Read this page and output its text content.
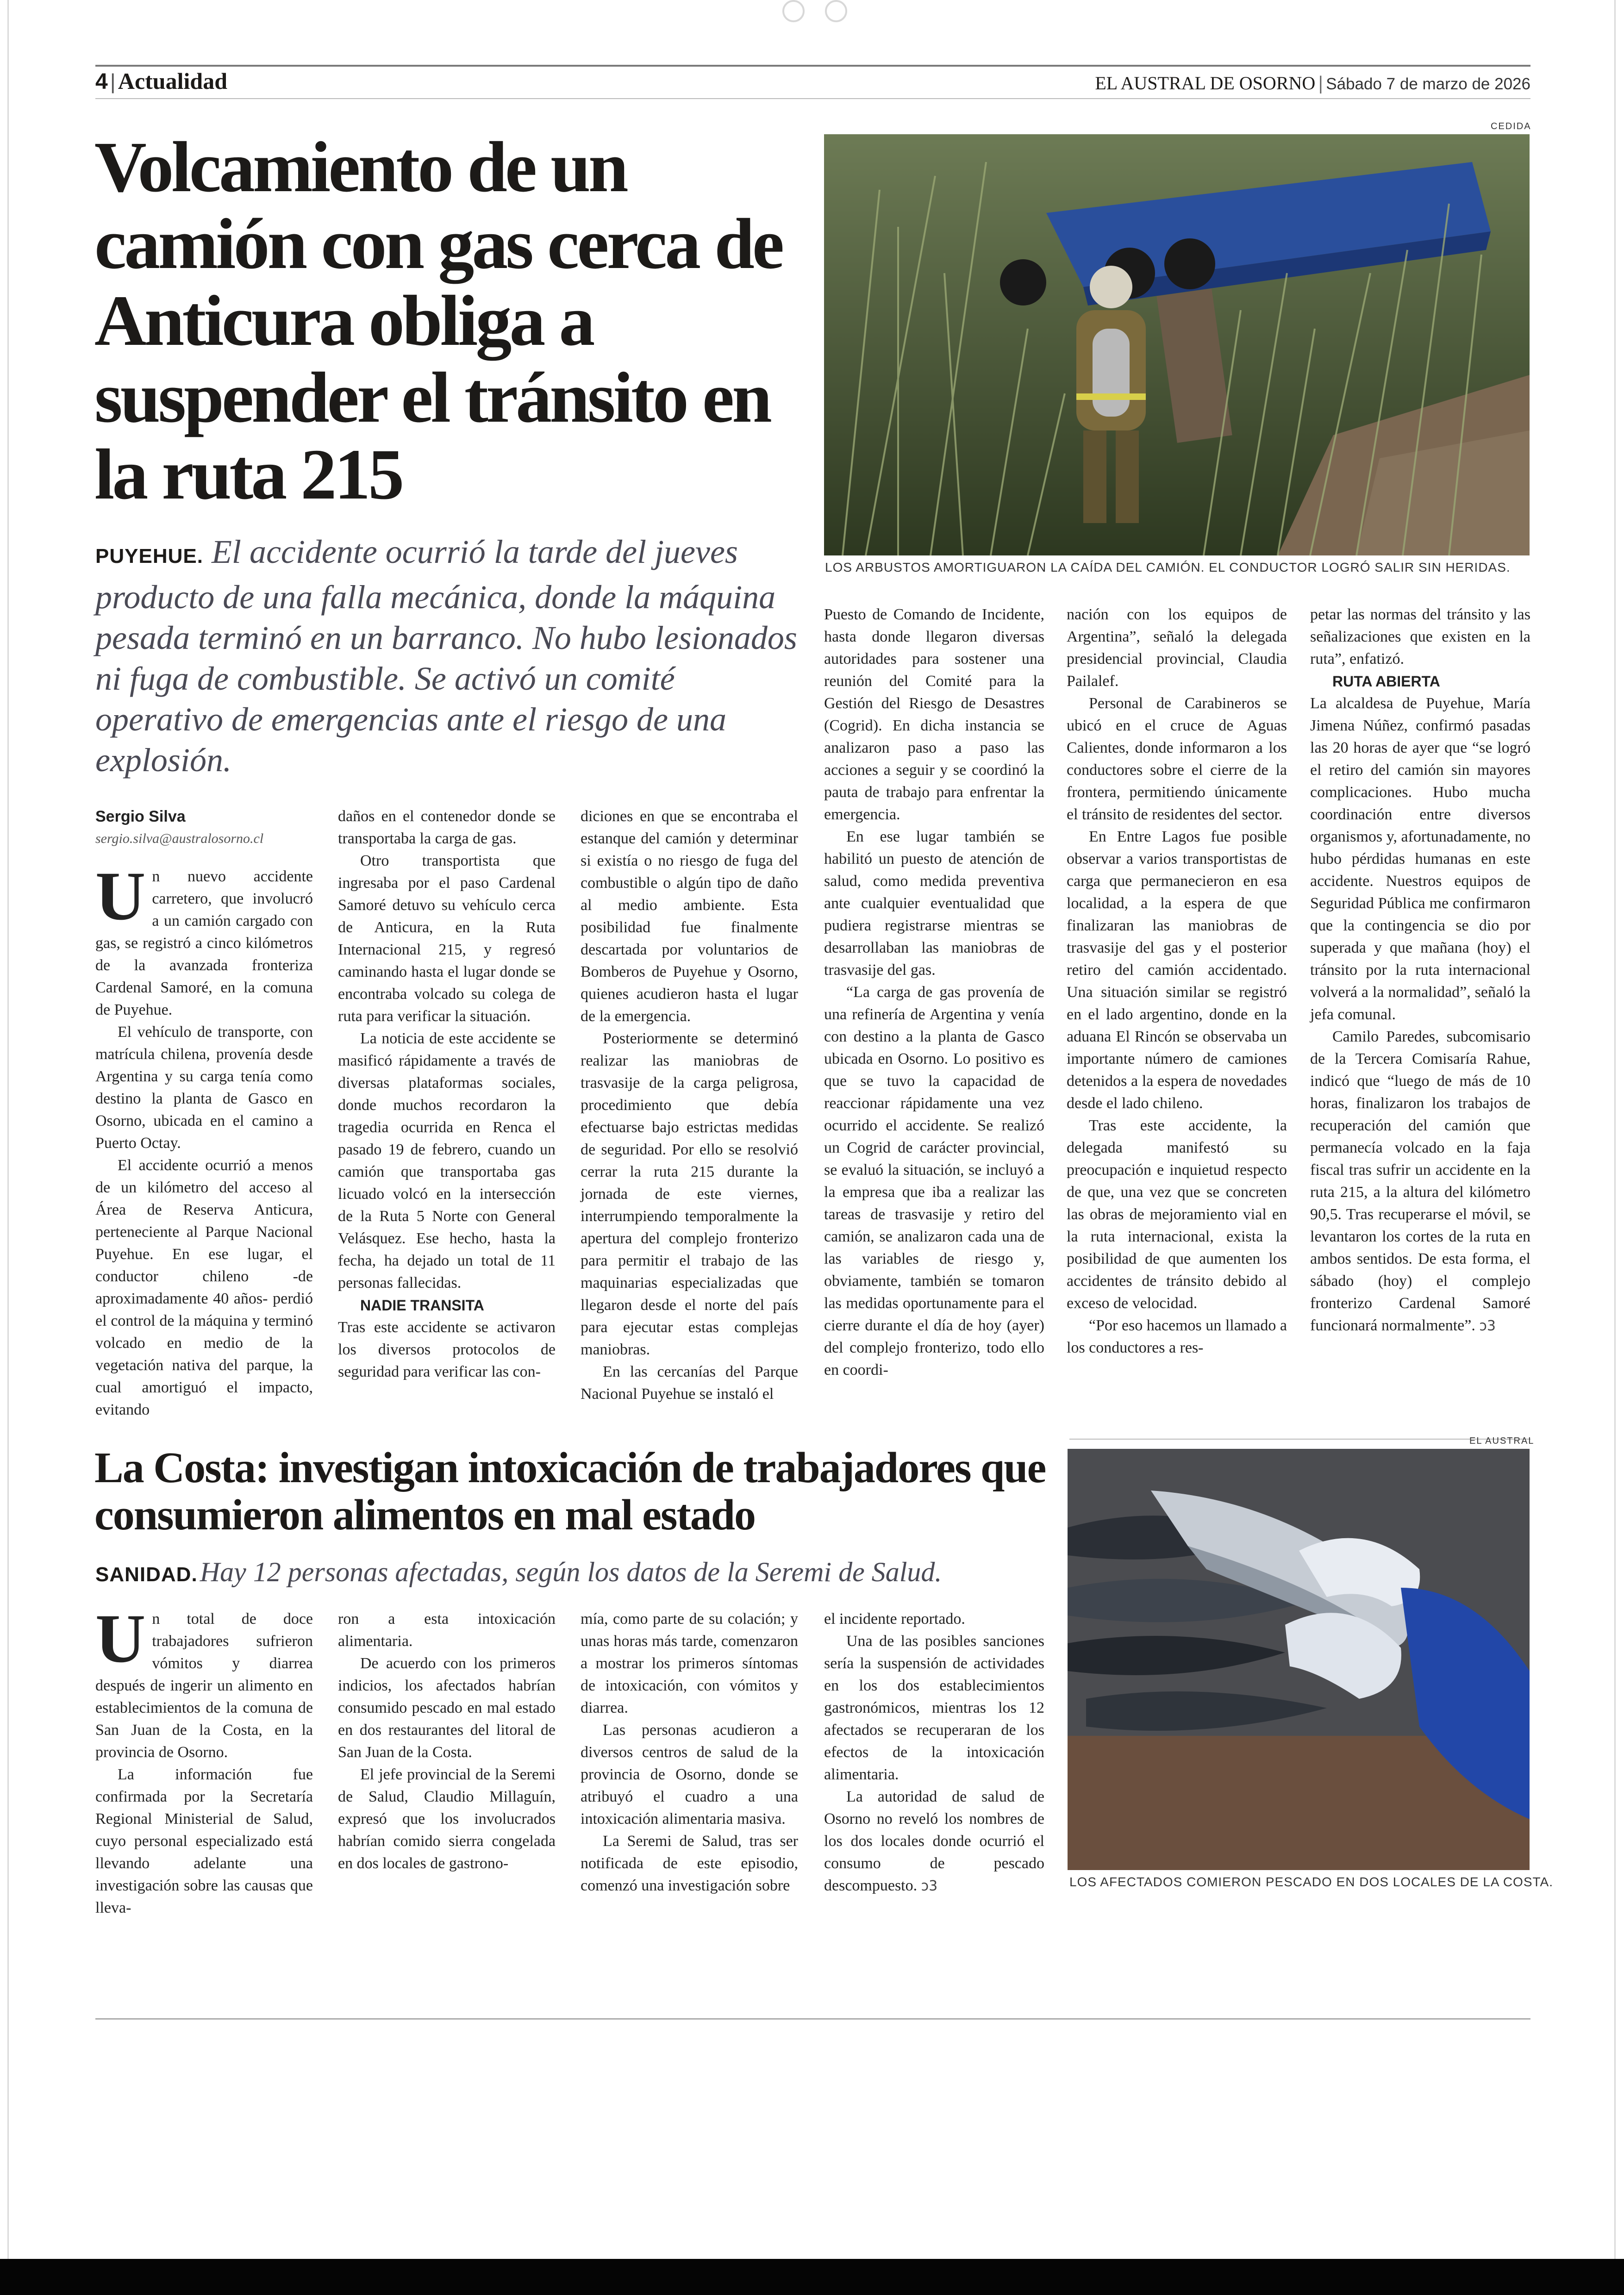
4 | Actualidad	EL AUSTRAL DE OSORNO | Sábado 7 de marzo de 2026
Volcamiento de un camión con gas cerca de Anticura obliga a suspender el tránsito en la ruta 215
PUYEHUE. El accidente ocurrió la tarde del jueves producto de una falla mecánica, donde la máquina pesada terminó en un barranco. No hubo lesionados ni fuga de combustible. Se activó un comité operativo de emergencias ante el riesgo de una explosión.
CEDIDA
LOS ARBUSTOS AMORTIGUARON LA CAÍDA DEL CAMIÓN. EL CONDUCTOR LOGRÓ SALIR SIN HERIDAS.
Sergio Silva
sergio.silva@australosorno.cl

Un nuevo accidente carretero, que involucró a un camión cargado con gas, se registró a cinco kilómetros de la avanzada fronteriza Cardenal Samoré, en la comuna de Puyehue.

El vehículo de transporte, con matrícula chilena, provenía desde Argentina y su carga tenía como destino la planta de Gasco en Osorno, ubicada en el camino a Puerto Octay.

El accidente ocurrió a menos de un kilómetro del acceso al Área de Reserva Anticura, perteneciente al Parque Nacional Puyehue. En ese lugar, el conductor chileno -de aproximadamente 40 años- perdió el control de la máquina y terminó volcado en medio de la vegetación nativa del parque, la cual amortiguó el impacto, evitando

daños en el contenedor donde se transportaba la carga de gas.

Otro transportista que ingresaba por el paso Cardenal Samoré detuvo su vehículo cerca de Anticura, en la Ruta Internacional 215, y regresó caminando hasta el lugar donde se encontraba volcado su colega de ruta para verificar la situación.

La noticia de este accidente se masificó rápidamente a través de diversas plataformas sociales, donde muchos recordaron la tragedia ocurrida en Renca el pasado 19 de febrero, cuando un camión que transportaba gas licuado volcó en la intersección de la Ruta 5 Norte con General Velásquez. Ese hecho, hasta la fecha, ha dejado un total de 11 personas fallecidas.

NADIE TRANSITA

Tras este accidente se activaron los diversos protocolos de seguridad para verificar las con-

diciones en que se encontraba el estanque del camión y determinar si existía o no riesgo de fuga del combustible o algún tipo de daño al medio ambiente. Esta posibilidad fue finalmente descartada por voluntarios de Bomberos de Puyehue y Osorno, quienes acudieron hasta el lugar de la emergencia.

Posteriormente se determinó realizar las maniobras de trasvasije de la carga peligrosa, procedimiento que debía efectuarse bajo estrictas medidas de seguridad. Por ello se resolvió cerrar la ruta 215 durante la jornada de este viernes, interrumpiendo temporalmente la apertura del complejo fronterizo para permitir el trabajo de las maquinarias especializadas que llegaron desde el norte del país para ejecutar estas complejas maniobras.

En las cercanías del Parque Nacional Puyehue se instaló el

Puesto de Comando de Incidente, hasta donde llegaron diversas autoridades para sostener una reunión del Comité para la Gestión del Riesgo de Desastres (Cogrid). En dicha instancia se analizaron paso a paso las acciones a seguir y se coordinó la pauta de trabajo para enfrentar la emergencia.

En ese lugar también se habilitó un puesto de atención de salud, como medida preventiva ante cualquier eventualidad que pudiera registrarse mientras se desarrollaban las maniobras de trasvasije del gas.

“La carga de gas provenía de una refinería de Argentina y venía con destino a la planta de Gasco ubicada en Osorno. Lo positivo es que se tuvo la capacidad de reaccionar rápidamente una vez ocurrido el accidente. Se realizó un Cogrid de carácter provincial, se evaluó la situación, se incluyó a la empresa que iba a realizar las tareas de trasvasije y retiro del camión, se analizaron cada una de las variables de riesgo y, obviamente, también se tomaron las medidas oportunamente para el cierre durante el día de hoy (ayer) del complejo fronterizo, todo ello en coordi-

nación con los equipos de Argentina”, señaló la delegada presidencial provincial, Claudia Pailalef.

Personal de Carabineros se ubicó en el cruce de Aguas Calientes, donde informaron a los conductores sobre el cierre de la frontera, permitiendo únicamente el tránsito de residentes del sector.

En Entre Lagos fue posible observar a varios transportistas de carga que permanecieron en esa localidad, a la espera de que finalizaran las maniobras de trasvasije del gas y el posterior retiro del camión accidentado. Una situación similar se registró en el lado argentino, donde en la aduana El Rincón se observaba un importante número de camiones detenidos a la espera de novedades desde el lado chileno.

Tras este accidente, la delegada manifestó su preocupación e inquietud respecto de que, una vez que se concreten las obras de mejoramiento vial en la ruta internacional, exista la posibilidad de que aumenten los accidentes de tránsito debido al exceso de velocidad.

“Por eso hacemos un llamado a los conductores a res-

petar las normas del tránsito y las señalizaciones que existen en la ruta”, enfatizó.

RUTA ABIERTA

La alcaldesa de Puyehue, María Jimena Núñez, confirmó pasadas las 20 horas de ayer que “se logró el retiro del camión sin mayores complicaciones. Hubo mucha coordinación entre diversos organismos y, afortunadamente, no hubo pérdidas humanas en este accidente. Nuestros equipos de Seguridad Pública me confirmaron que la contingencia se dio por superada y que mañana (hoy) el tránsito por la ruta internacional volverá a la normalidad”, señaló la jefa comunal.

Camilo Paredes, subcomisario de la Tercera Comisaría Rahue, indicó que “luego de más de 10 horas, finalizaron los trabajos de recuperación del camión que permanecía volcado en la faja fiscal tras sufrir un accidente en la ruta 215, a la altura del kilómetro 90,5. Tras recuperarse el móvil, se levantaron los cortes de la ruta en ambos sentidos. De esta forma, el sábado (hoy) el complejo fronterizo Cardenal Samoré funcionará normalmente”. ↄ3

La Costa: investigan intoxicación de trabajadores que consumieron alimentos en mal estado
SANIDAD. Hay 12 personas afectadas, según los datos de la Seremi de Salud.
EL AUSTRAL
LOS AFECTADOS COMIERON PESCADO EN DOS LOCALES DE LA COSTA.

Un total de doce trabajadores sufrieron vómitos y diarrea después de ingerir un alimento en establecimientos de la comuna de San Juan de la Costa, en la provincia de Osorno.

La información fue confirmada por la Secretaría Regional Ministerial de Salud, cuyo personal especializado está llevando adelante una investigación sobre las causas que lleva-

ron a esta intoxicación alimentaria.

De acuerdo con los primeros indicios, los afectados habrían consumido pescado en mal estado en dos restaurantes del litoral de San Juan de la Costa.

El jefe provincial de la Seremi de Salud, Claudio Millaguín, expresó que los involucrados habrían comido sierra congelada en dos locales de gastrono-

mía, como parte de su colación; y unas horas más tarde, comenzaron a mostrar los primeros síntomas de intoxicación, con vómitos y diarrea.

Las personas acudieron a diversos centros de salud de la provincia de Osorno, donde se atribuyó el cuadro a una intoxicación alimentaria masiva.

La Seremi de Salud, tras ser notificada de este episodio, comenzó una investigación sobre

el incidente reportado.

Una de las posibles sanciones sería la suspensión de actividades en los dos establecimientos gastronómicos, mientras los 12 afectados se recuperaran de los efectos de la intoxicación alimentaria.

La autoridad de salud de Osorno no reveló los nombres de los dos locales donde ocurrió el consumo de pescado descompuesto. ↄ3
